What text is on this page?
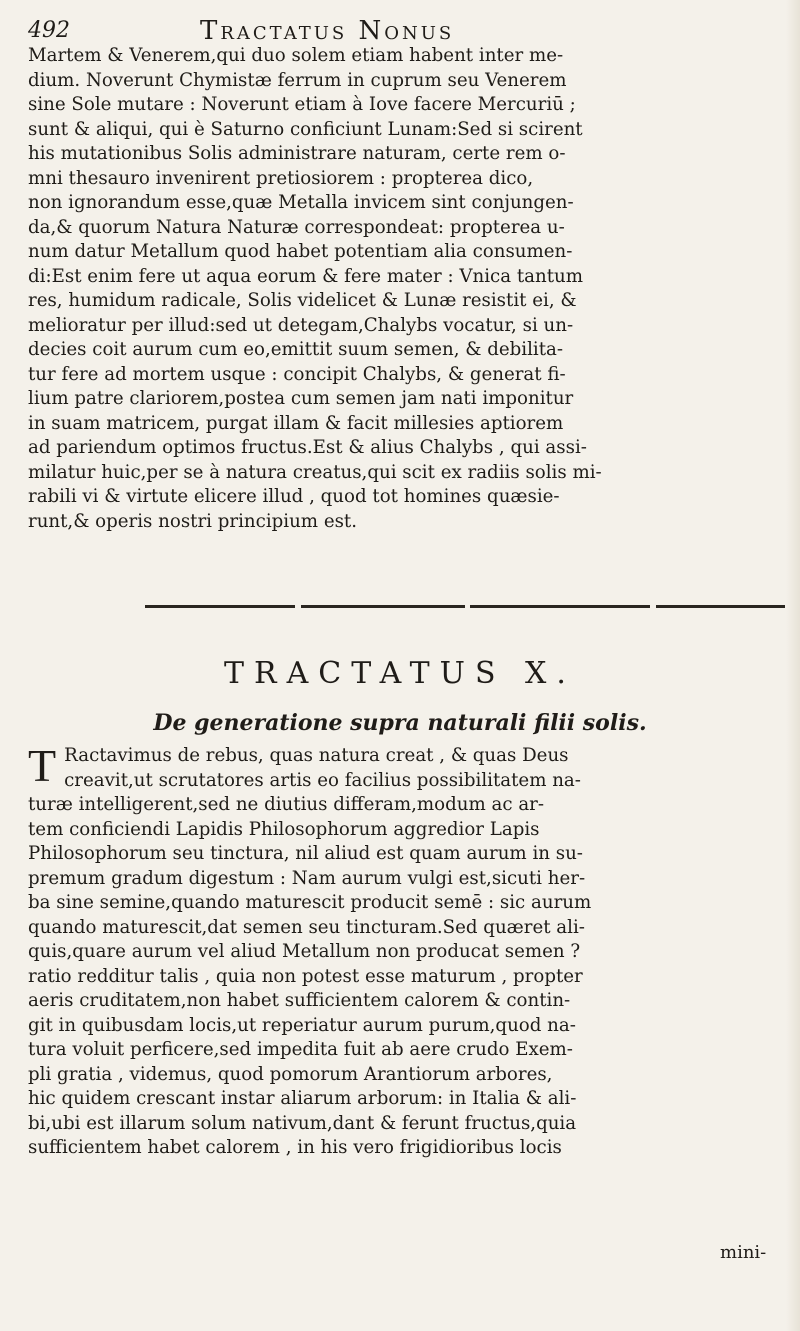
492	Tractatus Nonus
Martem & Venerem,qui duo solem etiam habent inter me-
dium. Noverunt Chymistæ ferrum in cuprum seu Venerem
sine Sole mutare : Noverunt etiam à Iove facere Mercuriū ;
sunt & aliqui, qui è Saturno conficiunt Lunam:Sed si scirent
his mutationibus Solis administrare naturam, certe rem o-
mni thesauro invenirent pretiosiorem : propterea dico,
non ignorandum esse,quæ Metalla invicem sint conjungen-
da,& quorum Natura Naturæ correspondeat: propterea u-
num datur Metallum quod habet potentiam alia consumen-
di:Est enim fere ut aqua eorum & fere mater : Vnica tantum
res, humidum radicale, Solis videlicet & Lunæ resistit ei, &
melioratur per illud:sed ut detegam,Chalybs vocatur, si un-
decies coit aurum cum eo,emittit suum semen, & debilita-
tur fere ad mortem usque : concipit Chalybs, & generat fi-
lium patre clariorem,postea cum semen jam nati imponitur
in suam matricem, purgat illam & facit millesies aptiorem
ad pariendum optimos fructus.Est & alius Chalybs , qui assi-
milatur huic,per se à natura creatus,qui scit ex radiis solis mi-
rabili vi & virtute elicere illud , quod tot homines quæsie-
runt,& operis nostri principium est.
TRACTATUS X.
De generatione supra naturali filii solis.
T Ractavimus de rebus, quas natura creat , & quas Deus
creavit,ut scrutatores artis eo facilius possibilitatem na-
turæ intelligerent,sed ne diutius differam,modum ac ar-
tem conficiendi Lapidis Philosophorum aggredior Lapis
Philosophorum seu tinctura, nil aliud est quam aurum in su-
premum gradum digestum : Nam aurum vulgi est,sicuti her-
ba sine semine,quando maturescit producit semē : sic aurum
quando maturescit,dat semen seu tincturam.Sed quæret ali-
quis,quare aurum vel aliud Metallum non producat semen ?
ratio redditur talis , quia non potest esse maturum , propter
aeris cruditatem,non habet sufficientem calorem & contin-
git in quibusdam locis,ut reperiatur aurum purum,quod na-
tura voluit perficere,sed impedita fuit ab aere crudo Exem-
pli gratia , videmus, quod pomorum Arantiorum arbores,
hic quidem crescant instar aliarum arborum: in Italia & ali-
bi,ubi est illarum solum nativum,dant & ferunt fructus,quia
sufficientem habet calorem , in his vero frigidioribus locis
mini-
